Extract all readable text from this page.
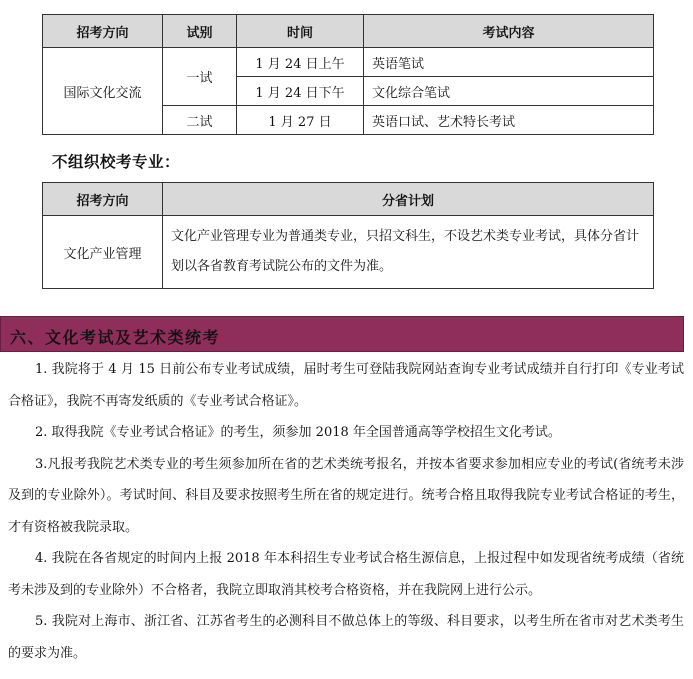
招考方向	试别	时间	考试内容
国际文化交流	一试	1 月 24 日上午	英语笔试
		1 月 24 日下午	文化综合笔试
	二试	1 月 27 日	英语口试、艺术特长考试

不组织校考专业：

招考方向	分省计划
文化产业管理	文化产业管理专业为普通类专业，只招文科生，不设艺术类专业考试，具体分省计划以各省教育考试院公布的文件为准。
六、文化考试及艺术类统考

1. 我院将于 4 月 15 日前公布专业考试成绩，届时考生可登陆我院网站查询专业考试成绩并自行打印《专业考试合格证》，我院不再寄发纸质的《专业考试合格证》。

2. 取得我院《专业考试合格证》的考生，须参加 2018 年全国普通高等学校招生文化考试。

3.凡报考我院艺术类专业的考生须参加所在省的艺术类统考报名，并按本省要求参加相应专业的考试(省统考未涉及到的专业除外）。考试时间、科目及要求按照考生所在省的规定进行。统考合格且取得我院专业考试合格证的考生，才有资格被我院录取。

4. 我院在各省规定的时间内上报 2018 年本科招生专业考试合格生源信息，上报过程中如发现省统考成绩（省统考未涉及到的专业除外）不合格者，我院立即取消其校考合格资格，并在我院网上进行公示。

5. 我院对上海市、浙江省、江苏省考生的必测科目不做总体上的等级、科目要求，以考生所在省市对艺术类考生的要求为准。
